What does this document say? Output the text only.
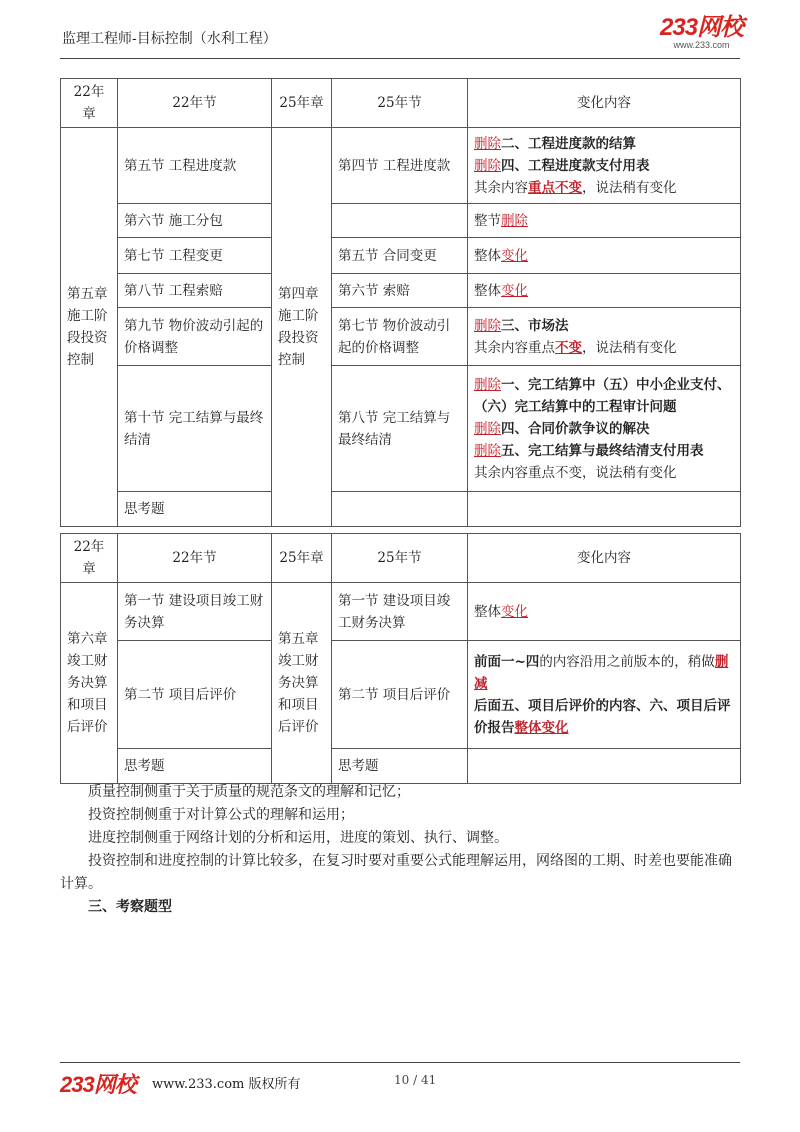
监理工程师-目标控制（水利工程）	233网校
www.233.com
22年章	22年节	25年章	25年节	变化内容
第五章施工阶段投资控制	第五节 工程进度款	第四章施工阶段投资控制	第四节 工程进度款	删除二、工程进度款的结算
删除四、工程进度款支付用表
其余内容重点不变，说法稍有变化

	第六节 施工分包			整节删除

	第七节 工程变更		第五节 合同变更	整体变化

	第八节 工程索赔		第六节 索赔	整体变化

	第九节 物价波动引起的价格调整		第七节 物价波动引起的价格调整	删除三、市场法
其余内容重点不变，说法稍有变化

	第十节 完工结算与最终结清		第八节 完工结算与最终结清	删除一、完工结算中（五）中小企业支付、（六）完工结算中的工程审计问题
删除四、合同价款争议的解决
删除五、完工结算与最终结清支付用表
其余内容重点不变，说法稍有变化

	思考题			
22年章	22年节	25年章	25年节	变化内容
第六章竣工财务决算和项目后评价	第一节 建设项目竣工财务决算	第五章竣工财务决算和项目后评价	第一节 建设项目竣工财务决算	整体变化

	第二节 项目后评价		第二节 项目后评价	前面一~四的内容沿用之前版本的，稍做删减
后面五、项目后评价的内容、六、项目后评价报告整体变化

	思考题		思考题	

质量控制侧重于关于质量的规范条文的理解和记忆；

投资控制侧重于对计算公式的理解和运用；

进度控制侧重于网络计划的分析和运用，进度的策划、执行、调整。

投资控制和进度控制的计算比较多，在复习时要对重要公式能理解运用，网络图的工期、时差也要能准确计算。

三、考察题型

233网校 www.233.com 版权所有	10 / 41
